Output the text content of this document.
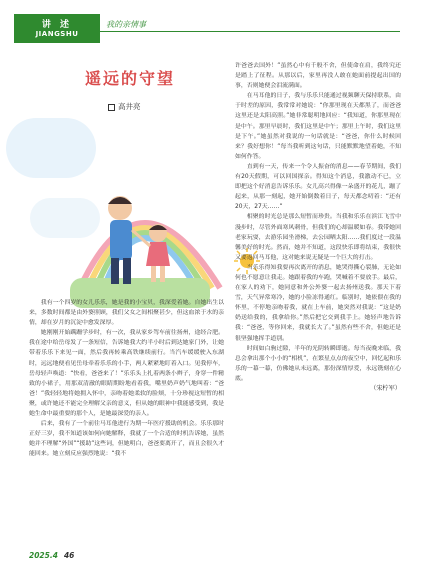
讲 述
JIANGSHU
我的亲情事
遥远的守望
高井亮

我有一个四岁的女儿乐乐，她是我的小宝贝，我深爱着她。自她出生以来，多数时间都是由外婆照顾，我们父女之间相聚甚少，但这血浓于水的亲情，却在岁月的沉淀中愈发深厚。

她刚刚开始蹒跚学步时，有一次，我从家乡驾车前往扬州，途经合肥。我在途中给岳母发了一条短信，告诉她我大约半小时后到达她家门外，让她带着乐乐下来见一面，然后我再转乘高铁继续前行。当汽车缓缓驶入东湖时，远远地便看见岳母牵着乐乐的小手，两人紧紧地盯着入口。见我停车，岳母轻声唤道：“快看，爸爸来了！”乐乐头上扎着两条小辫子，身穿一件精致的小裙子，用那双清澈的眼睛期盼地看着我，嘴里奶声奶气地叫着：“爸爸！”我轻轻地将她拥入怀中，亲吻着她柔软的脸颊，十分珍视这短暂的相聚，或许她还不能完全理解父亲的意义，但从她的眼神中我能感受到，我是她生命中最重要的那个人，是她最深爱的亲人。

后来，我有了一个前往马耳他进行为期一年医疗援助的机会。乐乐那时正好三岁，我不知道该如何向她解释，我就了一个合适的时机告诉她，虽然她并不理解“外国”“援助”这些词，但她明白，爸爸要离开了，而且会很久才能回来。她立刻反应强烈地说：“我不

许爸爸去国外！”虽然心中有千般不舍，但使命在肩，我终究还是踏上了征程。从那以后，家里再没人敢在她面前提起出国的事，否则她便会泪流满面。

在马耳他的日子，我与乐乐只能通过视频聊天保持联系，由于时差的原因，我常常对她说：“你那里现在天都黑了，而爸爸这里还是太阳高照。”她非常聪明地回应：“我知道，你那里现在是中午。那里早晨时，我们这里是中午；那里上午时，我们这里是下午。”她虽然对我说的一句话就是：“爸爸，你什么时候回来？我好想你！”每当我听到这句话，只能默默地望着她，不知如何作答。

直到有一天，传来一个令人振奋的消息——春节期间，我们有20天假期，可以回国探亲。得知这个消息，我激动不已，立即把这个好消息告诉乐乐。女儿高兴得像一朵盛开的花儿，蹦了起来，从那一刻起，她开始倒数着日子，每天都念叨着：“还有20天，27天……”

相聚的时光总是那么短暂而珍贵。当我和乐乐在滨江飞雪中漫步时，尽管外面寒风刺骨，但我们的心却温暖如春。我带她回老家玩耍，去游乐园坐滑梯，去公园晒太阳……我们度过一段温馨美好的时光。然而，她并不知道，这段快乐即将结束，我很快又要返回马耳他，这对她来说无疑是一个巨大的打击。

当乐乐得知我要再次离开的消息，她哭得撕心裂肺，无论如何也不愿意让我走。她跟着我的车跑，哭喊着不要放手。最后，在家人的劝下，她同意和外公外婆一起去扬州送我。那天下着雪，天气异常寒冷，她的小脸冻得通红。临别时，她依偎在我的怀里，不停地亲吻着我，就在上车前，她突然对我说：“这是奶奶送给我的，我拿给你。”然后把它交到我手上。她轻声地告诉我：“爸爸，等你回来，我就长大了。”虽然有些不舍，但她还是很坚强地挥手道别。

时间如白驹过隙，半年的光阴转瞬即逝。每当夜晚来临，我总会拿出那个小小的“相机”，在繁星点点的夜空中，回忆起和乐乐的一幕一幕，仿佛她从未远离，那份深情厚爱，永远镌刻在心底。

（宋柠军）
2025.4 46
